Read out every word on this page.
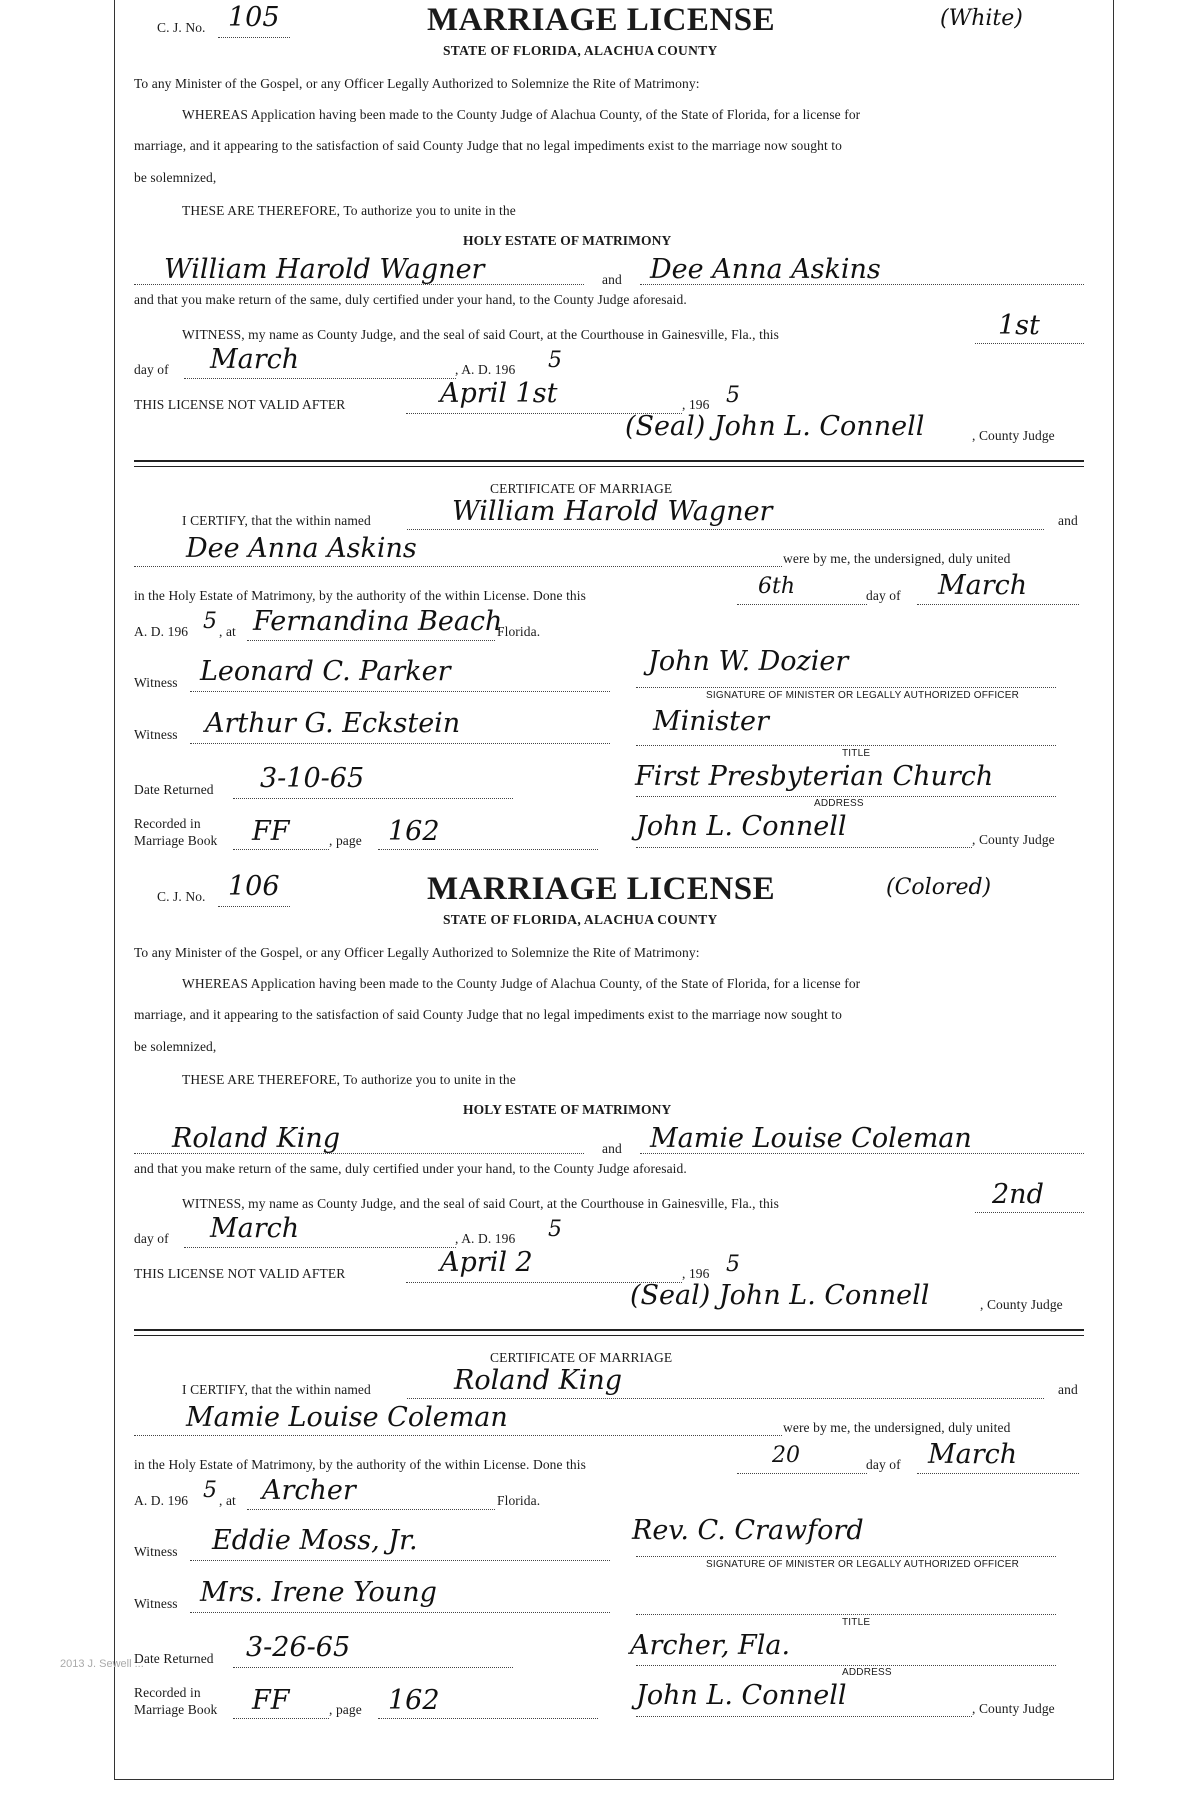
C. J. No. 105	MARRIAGE LICENSE	(White)
STATE OF FLORIDA, ALACHUA COUNTY
To any Minister of the Gospel, or any Officer Legally Authorized to Solemnize the Rite of Matrimony:
WHEREAS Application having been made to the County Judge of Alachua County, of the State of Florida, for a license for
marriage, and it appearing to the satisfaction of said County Judge that no legal impediments exist to the marriage now sought to
be solemnized,
THESE ARE THEREFORE, To authorize you to unite in the
HOLY ESTATE OF MATRIMONY
William Harold Wagner	and Dee Anna Askins
and that you make return of the same, duly certified under your hand, to the County Judge aforesaid.
WITNESS, my name as County Judge, and the seal of said Court, at the Courthouse in Gainesville, Fla., this	1st
day of March	, A. D. 196 5
THIS LICENSE NOT VALID AFTER	April 1st	, 196 5
(Seal) John L. Connell	, County Judge
CERTIFICATE OF MARRIAGE
I CERTIFY, that the within named	William Harold Wagner	and
Dee Anna Askins	were by me, the undersigned, duly united
in the Holy Estate of Matrimony, by the authority of the within License. Done this	6th	day of March
A. D. 196 5 , at Fernandina Beach
Florida.
Witness Leonard C. Parker	John W. Dozier
SIGNATURE OF MINISTER OR LEGALLY AUTHORIZED OFFICER
Witness Arthur G. Eckstein	Minister
TITLE
Date Returned 3-10-65	First Presbyterian Church
ADDRESS
Recorded in
Marriage Book FF	, page 162	John L. Connell	, County Judge
C. J. No. 106	MARRIAGE LICENSE	(Colored)
STATE OF FLORIDA, ALACHUA COUNTY
To any Minister of the Gospel, or any Officer Legally Authorized to Solemnize the Rite of Matrimony:
WHEREAS Application having been made to the County Judge of Alachua County, of the State of Florida, for a license for
marriage, and it appearing to the satisfaction of said County Judge that no legal impediments exist to the marriage now sought to
be solemnized,
THESE ARE THEREFORE, To authorize you to unite in the
HOLY ESTATE OF MATRIMONY
Roland King	and Mamie Louise Coleman
and that you make return of the same, duly certified under your hand, to the County Judge aforesaid.
WITNESS, my name as County Judge, and the seal of said Court, at the Courthouse in Gainesville, Fla., this	2nd
day of March	, A. D. 196 5
THIS LICENSE NOT VALID AFTER	April 2	, 196 5
(Seal) John L. Connell	, County Judge
CERTIFICATE OF MARRIAGE
I CERTIFY, that the within named	Roland King	and
Mamie Louise Coleman	were by me, the undersigned, duly united
in the Holy Estate of Matrimony, by the authority of the within License. Done this	20	day of March
A. D. 196 5 , at Archer	Florida.
Witness Eddie Moss, Jr.	Rev. C. Crawford
SIGNATURE OF MINISTER OR LEGALLY AUTHORIZED OFFICER
Witness Mrs. Irene Young
TITLE
Date Returned 3-26-65	Archer, Fla.
ADDRESS
Recorded in
Marriage Book FF	, page 162	John L. Connell	, County Judge
2013 J. Sewell ...
